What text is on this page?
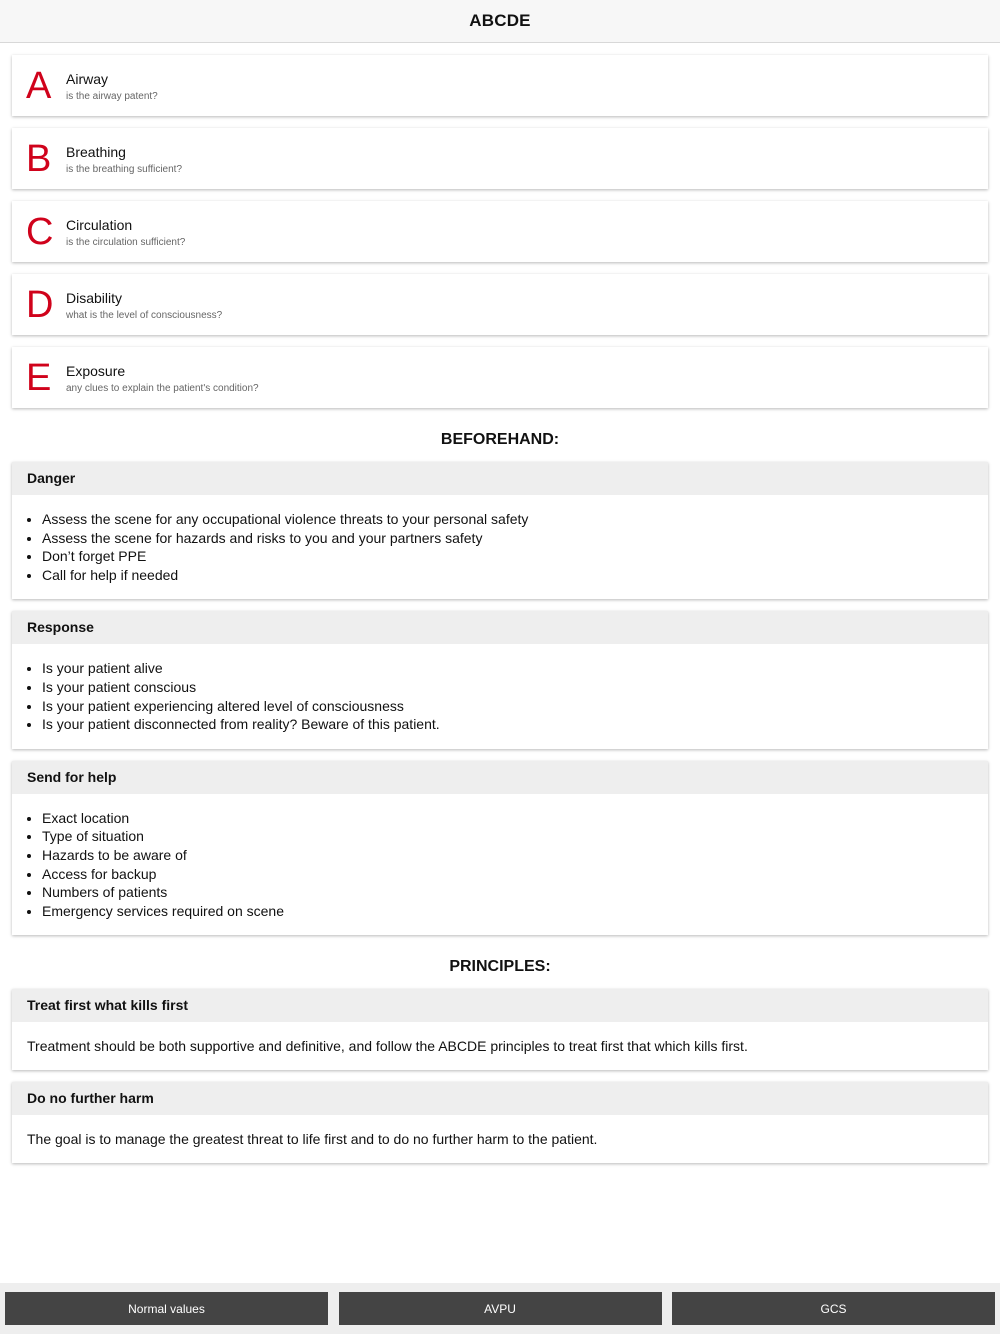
ABCDE
A	Airway
is the airway patent?
B	Breathing
is the breathing sufficient?
C Circulation
is the circulation sufficient?
D Disability
what is the level of consciousness?
E	Exposure
any clues to explain the patient's condition?
BEFOREHAND:
Danger
• Assess the scene for any occupational violence threats to your personal safety
• Assess the scene for hazards and risks to you and your partners safety
• Don’t forget PPE
• Call for help if needed
Response
• Is your patient alive
• Is your patient conscious
• Is your patient experiencing altered level of consciousness
• Is your patient disconnected from reality? Beware of this patient.
Send for help
• Exact location
• Type of situation
• Hazards to be aware of
• Access for backup
• Numbers of patients
• Emergency services required on scene
PRINCIPLES:
Treat first what kills first

Treatment should be both supportive and definitive, and follow the ABCDE principles to treat first that which kills first.

Do no further harm

The goal is to manage the greatest threat to life first and to do no further harm to the patient.

Normal values	AVPU	GCS
